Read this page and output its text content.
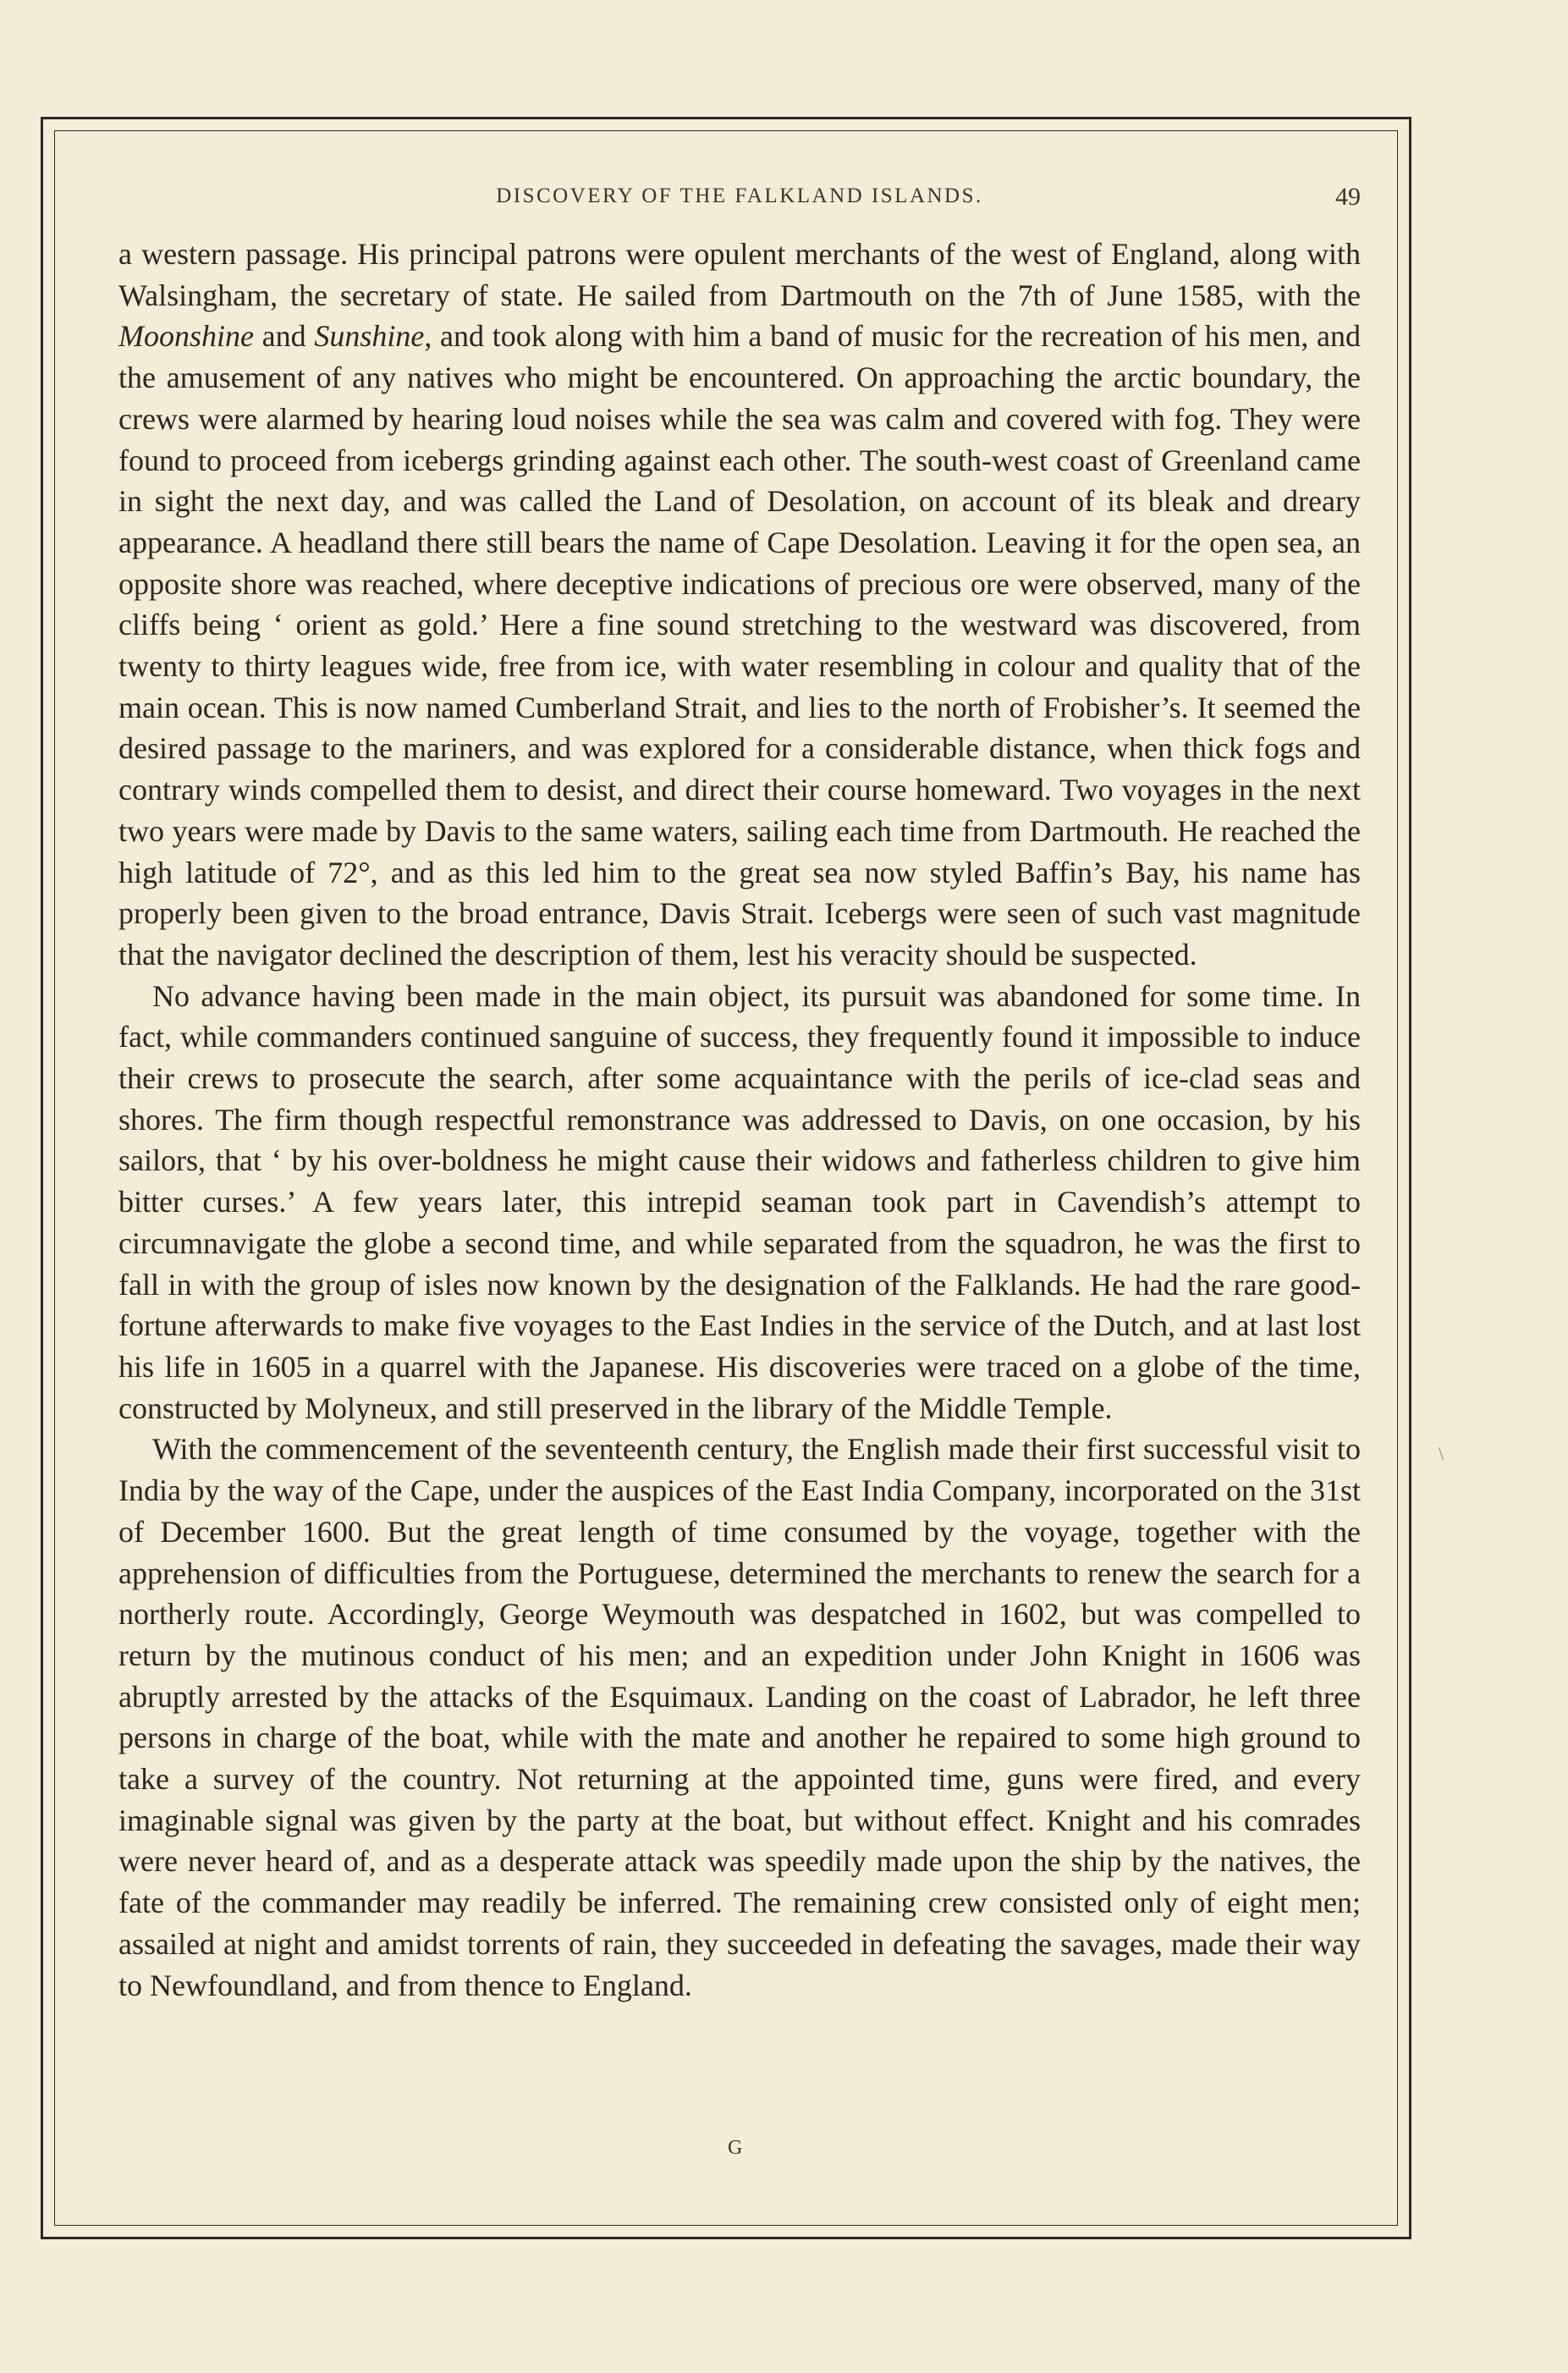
DISCOVERY OF THE FALKLAND ISLANDS.	49

a western passage. His principal patrons were opulent merchants of the west of England, along with Walsingham, the secretary of state. He sailed from Dartmouth on the 7th of June 1585, with the Moonshine and Sunshine, and took along with him a band of music for the recreation of his men, and the amusement of any natives who might be encountered. On approaching the arctic boundary, the crews were alarmed by hearing loud noises while the sea was calm and covered with fog. They were found to proceed from icebergs grinding against each other. The south-west coast of Greenland came in sight the next day, and was called the Land of Desolation, on account of its bleak and dreary appearance. A headland there still bears the name of Cape Desolation. Leaving it for the open sea, an opposite shore was reached, where deceptive indications of precious ore were observed, many of the cliffs being ‘ orient as gold.’ Here a fine sound stretching to the westward was discovered, from twenty to thirty leagues wide, free from ice, with water resembling in colour and quality that of the main ocean. This is now named Cumberland Strait, and lies to the north of Frobisher’s. It seemed the desired passage to the mariners, and was explored for a considerable distance, when thick fogs and contrary winds compelled them to desist, and direct their course homeward. Two voyages in the next two years were made by Davis to the same waters, sailing each time from Dartmouth. He reached the high latitude of 72°, and as this led him to the great sea now styled Baffin’s Bay, his name has properly been given to the broad entrance, Davis Strait. Icebergs were seen of such vast magnitude that the navigator declined the description of them, lest his veracity should be suspected.

No advance having been made in the main object, its pursuit was abandoned for some time. In fact, while commanders continued sanguine of success, they frequently found it impossible to induce their crews to prosecute the search, after some acquaintance with the perils of ice-clad seas and shores. The firm though respectful remonstrance was addressed to Davis, on one occasion, by his sailors, that ‘ by his over-boldness he might cause their widows and fatherless children to give him bitter curses.’ A few years later, this intrepid seaman took part in Cavendish’s attempt to circumnavigate the globe a second time, and while separated from the squadron, he was the first to fall in with the group of isles now known by the designation of the Falklands. He had the rare good-fortune afterwards to make five voyages to the East Indies in the service of the Dutch, and at last lost his life in 1605 in a quarrel with the Japanese. His discoveries were traced on a globe of the time, constructed by Molyneux, and still preserved in the library of the Middle Temple.

With the commencement of the seventeenth century, the English made their first successful visit to India by the way of the Cape, under the auspices of the East India Company, incorporated on the 31st of December 1600. But the great length of time consumed by the voyage, together with the apprehension of difficulties from the Portuguese, determined the merchants to renew the search for a northerly route. Accordingly, George Weymouth was despatched in 1602, but was compelled to return by the mutinous conduct of his men; and an expedition under John Knight in 1606 was abruptly arrested by the attacks of the Esquimaux. Landing on the coast of Labrador, he left three persons in charge of the boat, while with the mate and another he repaired to some high ground to take a survey of the country. Not returning at the appointed time, guns were fired, and every imaginable signal was given by the party at the boat, but without effect. Knight and his comrades were never heard of, and as a desperate attack was speedily made upon the ship by the natives, the fate of the commander may readily be inferred. The remaining crew consisted only of eight men; assailed at night and amidst torrents of rain, they succeeded in defeating the savages, made their way to Newfoundland, and from thence to England.

G
\
